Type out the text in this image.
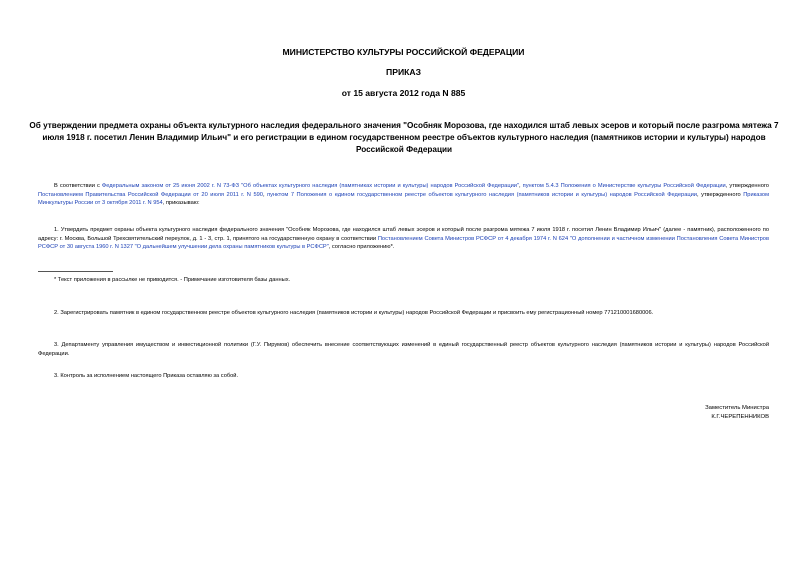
МИНИСТЕРСТВО КУЛЬТУРЫ РОССИЙСКОЙ ФЕДЕРАЦИИ
ПРИКАЗ
от 15 августа 2012 года N 885
Об утверждении предмета охраны объекта культурного наследия федерального значения "Особняк Морозова, где находился штаб левых эсеров и который после разгрома мятежа 7 июля 1918 г. посетил Ленин Владимир Ильич" и его регистрации в едином государственном реестре объектов культурного наследия (памятников истории и культуры) народов Российской Федерации
В соответствии с Федеральным законом от 25 июня 2002 г. N 73-ФЗ "Об объектах культурного наследия (памятниках истории и культуры) народов Российской Федерации", пунктом 5.4.3 Положения о Министерстве культуры Российской Федерации, утвержденного Постановлением Правительства Российской Федерации от 20 июля 2011 г. N 590, пунктом 7 Положения о едином государственном реестре объектов культурного наследия (памятников истории и культуры) народов Российской Федерации, утвержденного Приказом Минкультуры России от 3 октября 2011 г. N 954, приказываю:
1. Утвердить предмет охраны объекта культурного наследия федерального значения "Особняк Морозова, где находился штаб левых эсеров и который после разгрома мятежа 7 июля 1918 г. посетил Ленин Владимир Ильич" (далее - памятник), расположенного по адресу: г. Москва, Большой Трехсвятительский переулок, д. 1 - 3, стр. 1, принятого на государственную охрану в соответствии Постановлением Совета Министров РСФСР от 4 декабря 1974 г. N 624 "О дополнении и частичном изменении Постановления Совета Министров РСФСР от 30 августа 1960 г. N 1327 "О дальнейшем улучшении дела охраны памятников культуры в РСФСР", согласно приложению*.
* Текст приложения в рассылке не приводится. - Примечание изготовителя базы данных.
2. Зарегистрировать памятник в едином государственном реестре объектов культурного наследия (памятников истории и культуры) народов Российской Федерации и присвоить ему регистрационный номер 771210001680006.
3. Департаменту управления имуществом и инвестиционной политики (Г.У. Пирумов) обеспечить внесение соответствующих изменений в единый государственный реестр объектов культурного наследия (памятников истории и культуры) народов Российской Федерации.
3. Контроль за исполнением настоящего Приказа оставляю за собой.
Заместитель Министра
К.Г.ЧЕРЕПЕННИКОВ
